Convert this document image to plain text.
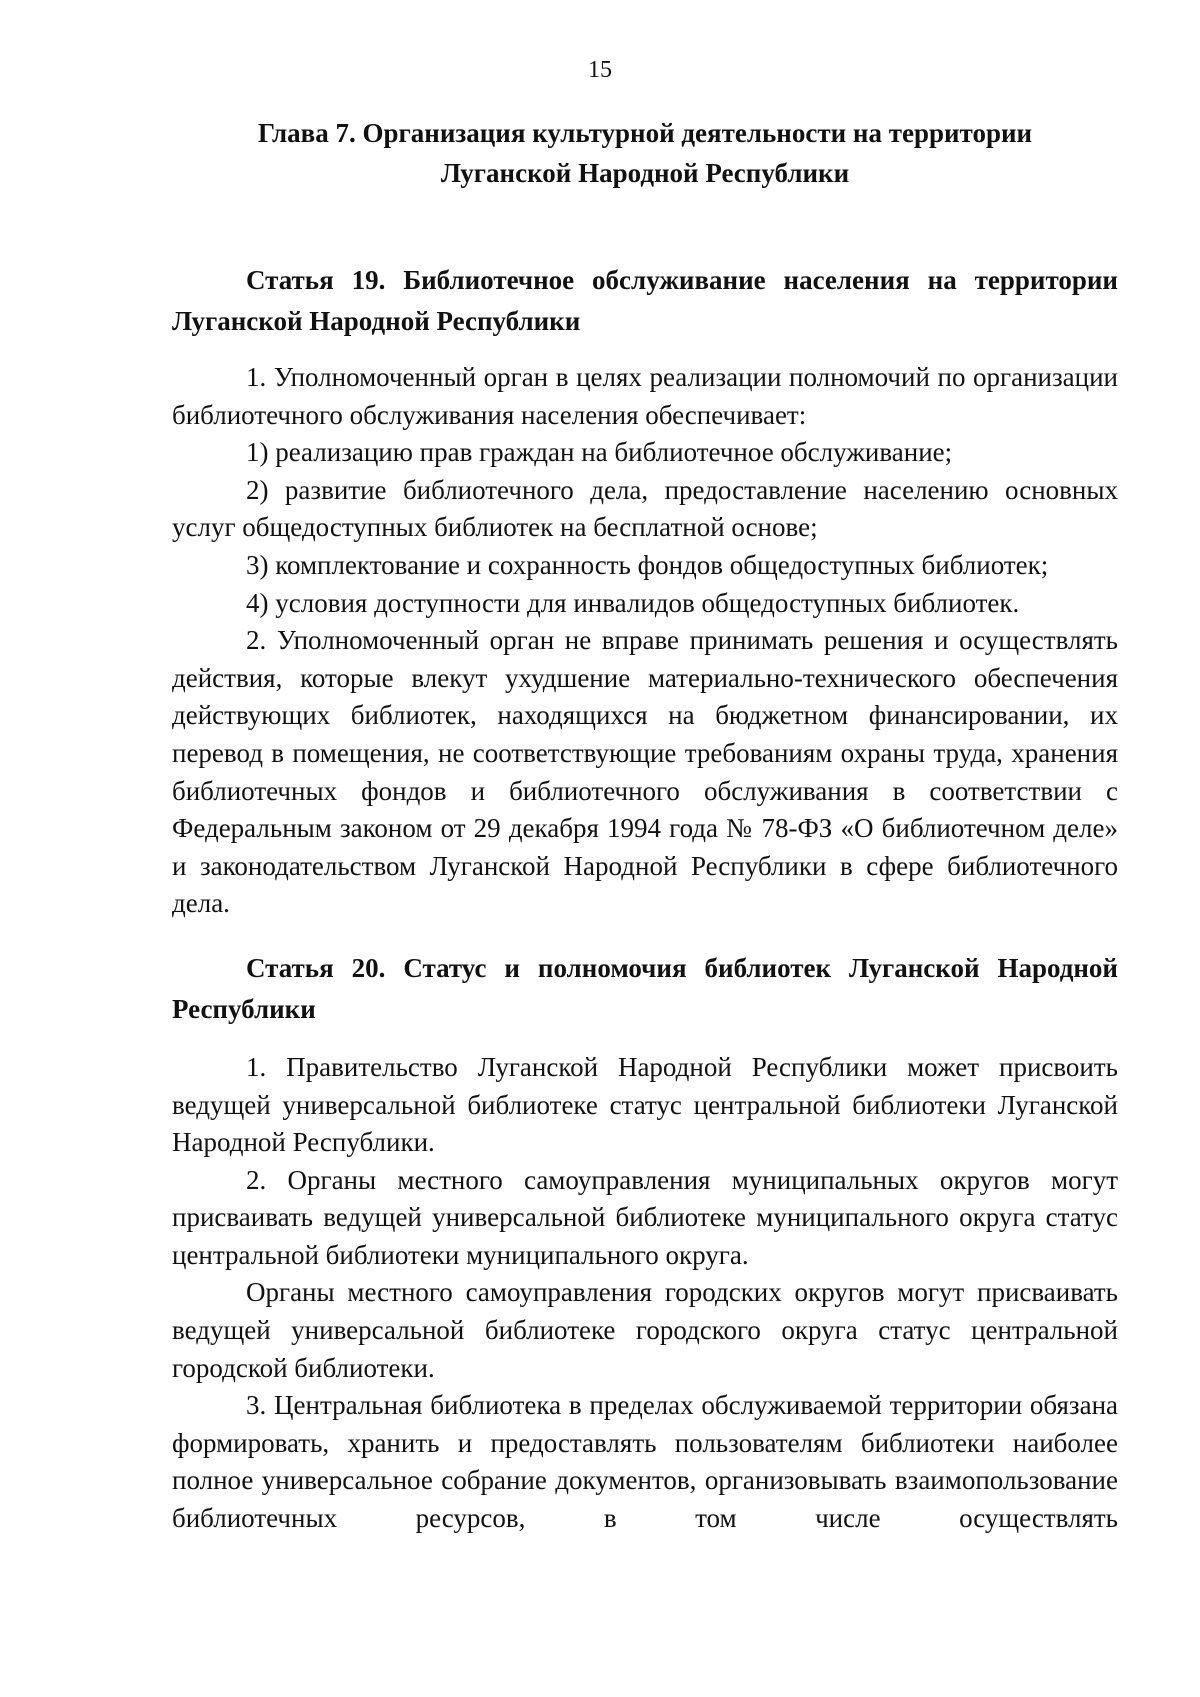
15
Глава 7. Организация культурной деятельности на территории
Луганской Народной Республики
Статья 19. Библиотечное обслуживание населения на территории Луганской Народной Республики

1. Уполномоченный орган в целях реализации полномочий по организации библиотечного обслуживания населения обеспечивает:

1) реализацию прав граждан на библиотечное обслуживание;

2) развитие библиотечного дела, предоставление населению основных услуг общедоступных библиотек на бесплатной основе;

3) комплектование и сохранность фондов общедоступных библиотек;

4) условия доступности для инвалидов общедоступных библиотек.

2. Уполномоченный орган не вправе принимать решения и осуществлять действия, которые влекут ухудшение материально-технического обеспечения действующих библиотек, находящихся на бюджетном финансировании, их перевод в помещения, не соответствующие требованиям охраны труда, хранения библиотечных фондов и библиотечного обслуживания в соответствии с Федеральным законом от 29 декабря 1994 года № 78-ФЗ «О библиотечном деле» и законодательством Луганской Народной Республики в сфере библиотечного дела.

Статья 20. Статус и полномочия библиотек Луганской Народной Республики

1. Правительство Луганской Народной Республики может присвоить ведущей универсальной библиотеке статус центральной библиотеки Луганской Народной Республики.

2. Органы местного самоуправления муниципальных округов могут присваивать ведущей универсальной библиотеке муниципального округа статус центральной библиотеки муниципального округа.

Органы местного самоуправления городских округов могут присваивать ведущей универсальной библиотеке городского округа статус центральной городской библиотеки.

3. Центральная библиотека в пределах обслуживаемой территории обязана формировать, хранить и предоставлять пользователям библиотеки наиболее полное универсальное собрание документов, организовывать взаимопользование библиотечных ресурсов, в том числе осуществлять
